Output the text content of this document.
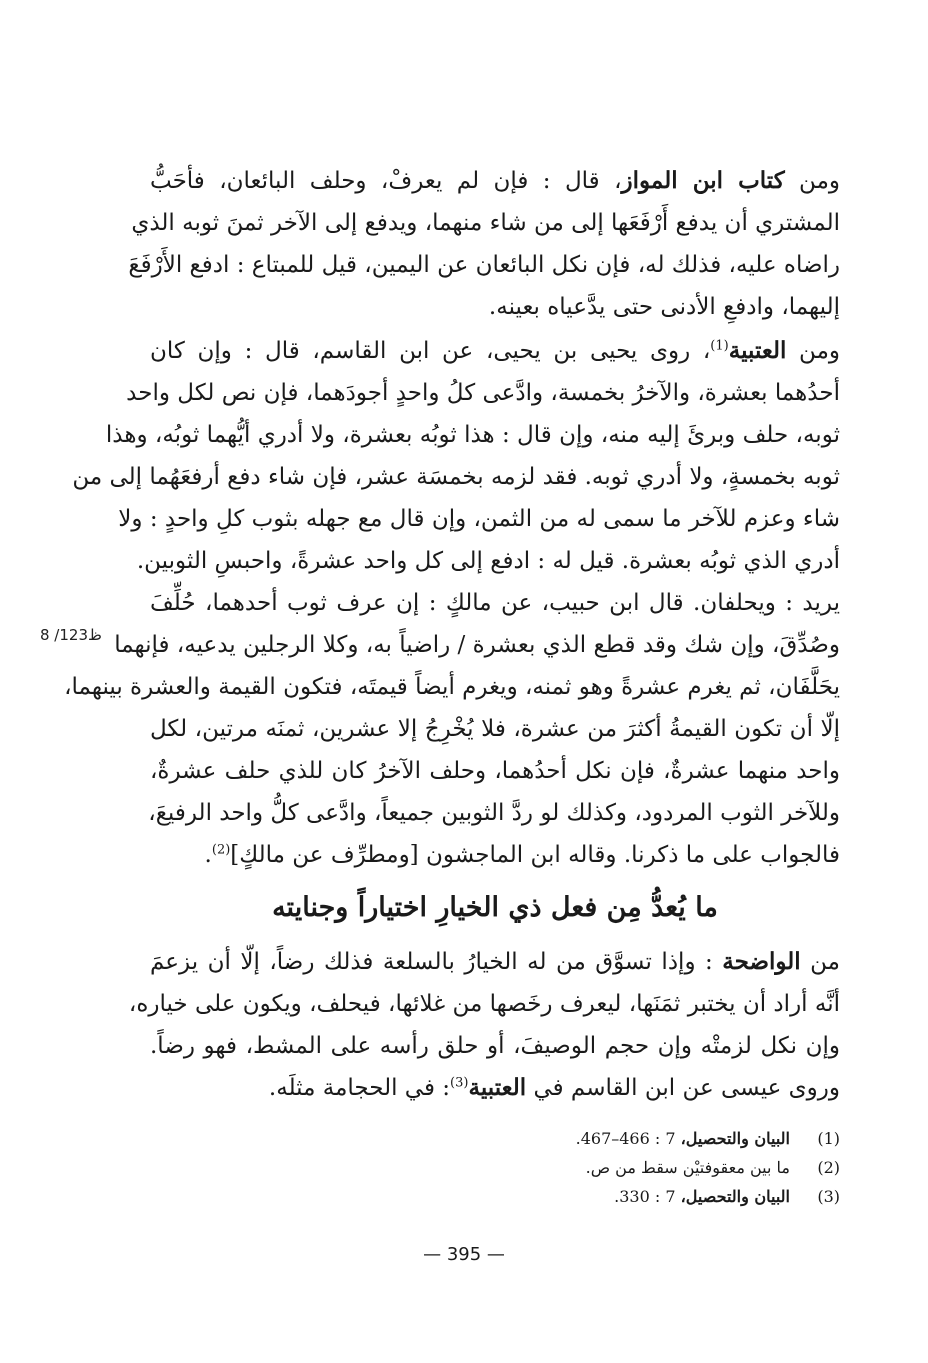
ومن كتاب ابن المواز، قال : فإن لم يعرفْ، وحلف البائعان، فأحَبُّ
المشتري أن يدفع أَرْفَعَها إلى من شاء منهما، ويدفع إلى الآخر ثمنَ ثوبه الذي
راضاه عليه، فذلك له، فإن نكل البائعان عن اليمين، قيل للمبتاع : ادفع الأَرْفَعَ
إليهما، وادفعِ الأدنى حتى يدَّعياه بعينه.
ومن العتبية$^{(1)}$، روى يحيى بن يحيى، عن ابن القاسم، قال : وإن كان
أحدُهما بعشرة، والآخرُ بخمسة، وادَّعى كلُ واحدٍ أجودَهما، فإن نص لكل واحد
ثوبه، حلف وبرئَ إليه منه، وإن قال : هذا ثوبُه بعشرة، ولا أدري أيُّهما ثوبُه، وهذا
ثوبه بخمسةٍ، ولا أدري ثوبه. فقد لزمه بخمسَة عشر، فإن شاء دفع أرفعَهُما إلى من
شاء وعزم للآخر ما سمى له من الثمن، وإن قال مع جهله بثوب كلِ واحدٍ : ولا
أدري الذي ثوبُه بعشرة. قيل له : ادفع إلى كل واحد عشرةً، واحبسِ الثوبين.
يريد : ويحلفان. قال ابن حبيب، عن مالكٍ : إن عرف ثوب أحدهما، حُلِّفَ
وصُدِّقَ، وإن شك وقد قطع الذي بعشرة / راضياً به، وكلا الرجلين يدعيه، فإنهما
يحَلَّفَان، ثم يغرم عشرةً وهو ثمنه، ويغرم أيضاً قيمتَه، فتكون القيمة والعشرة بينهما،
إلّا أن تكون القيمةُ أكثرَ من عشرة، فلا يُخْرِجُ إلا عشرين، ثمنَه مرتين، لكل
واحد منهما عشرةٌ، فإن نكل أحدُهما، وحلف الآخرُ كان للذي حلف عشرةٌ،
وللآخر الثوب المردود، وكذلك لو ردَّ الثوبين جميعاً، وادَّعى كلُّ واحد الرفيعَ،
فالجواب على ما ذكرنا. وقاله ابن الماجشون [ومطرِّف عن مالكٍ]$^{(2)}$.
8 /123ظ
ما يُعدُّ مِن فعل ذي الخيارِ اختياراً وجنايته
من الواضحة : وإذا تسوَّق من له الخيارُ بالسلعة فذلك رضاً، إلّا أن يزعمَ
أنَّه أراد أن يختبر ثمَنَها، ليعرف رخَصها من غلائها، فيحلف، ويكون على خياره،
وإن نكل لزمتْه وإن حجم الوصيفَ، أو حلق رأسه على المشط، فهو رضاً.
وروى عيسى عن ابن القاسم في العتبية$^{(3)}$: في الحجامة مثلَه.
(1)البيان والتحصيل، 7 : 466–467.
(2)ما بين معقوفتيْن سقط من ص.
(3)البيان والتحصيل، 7 : 330.
— 395 —
